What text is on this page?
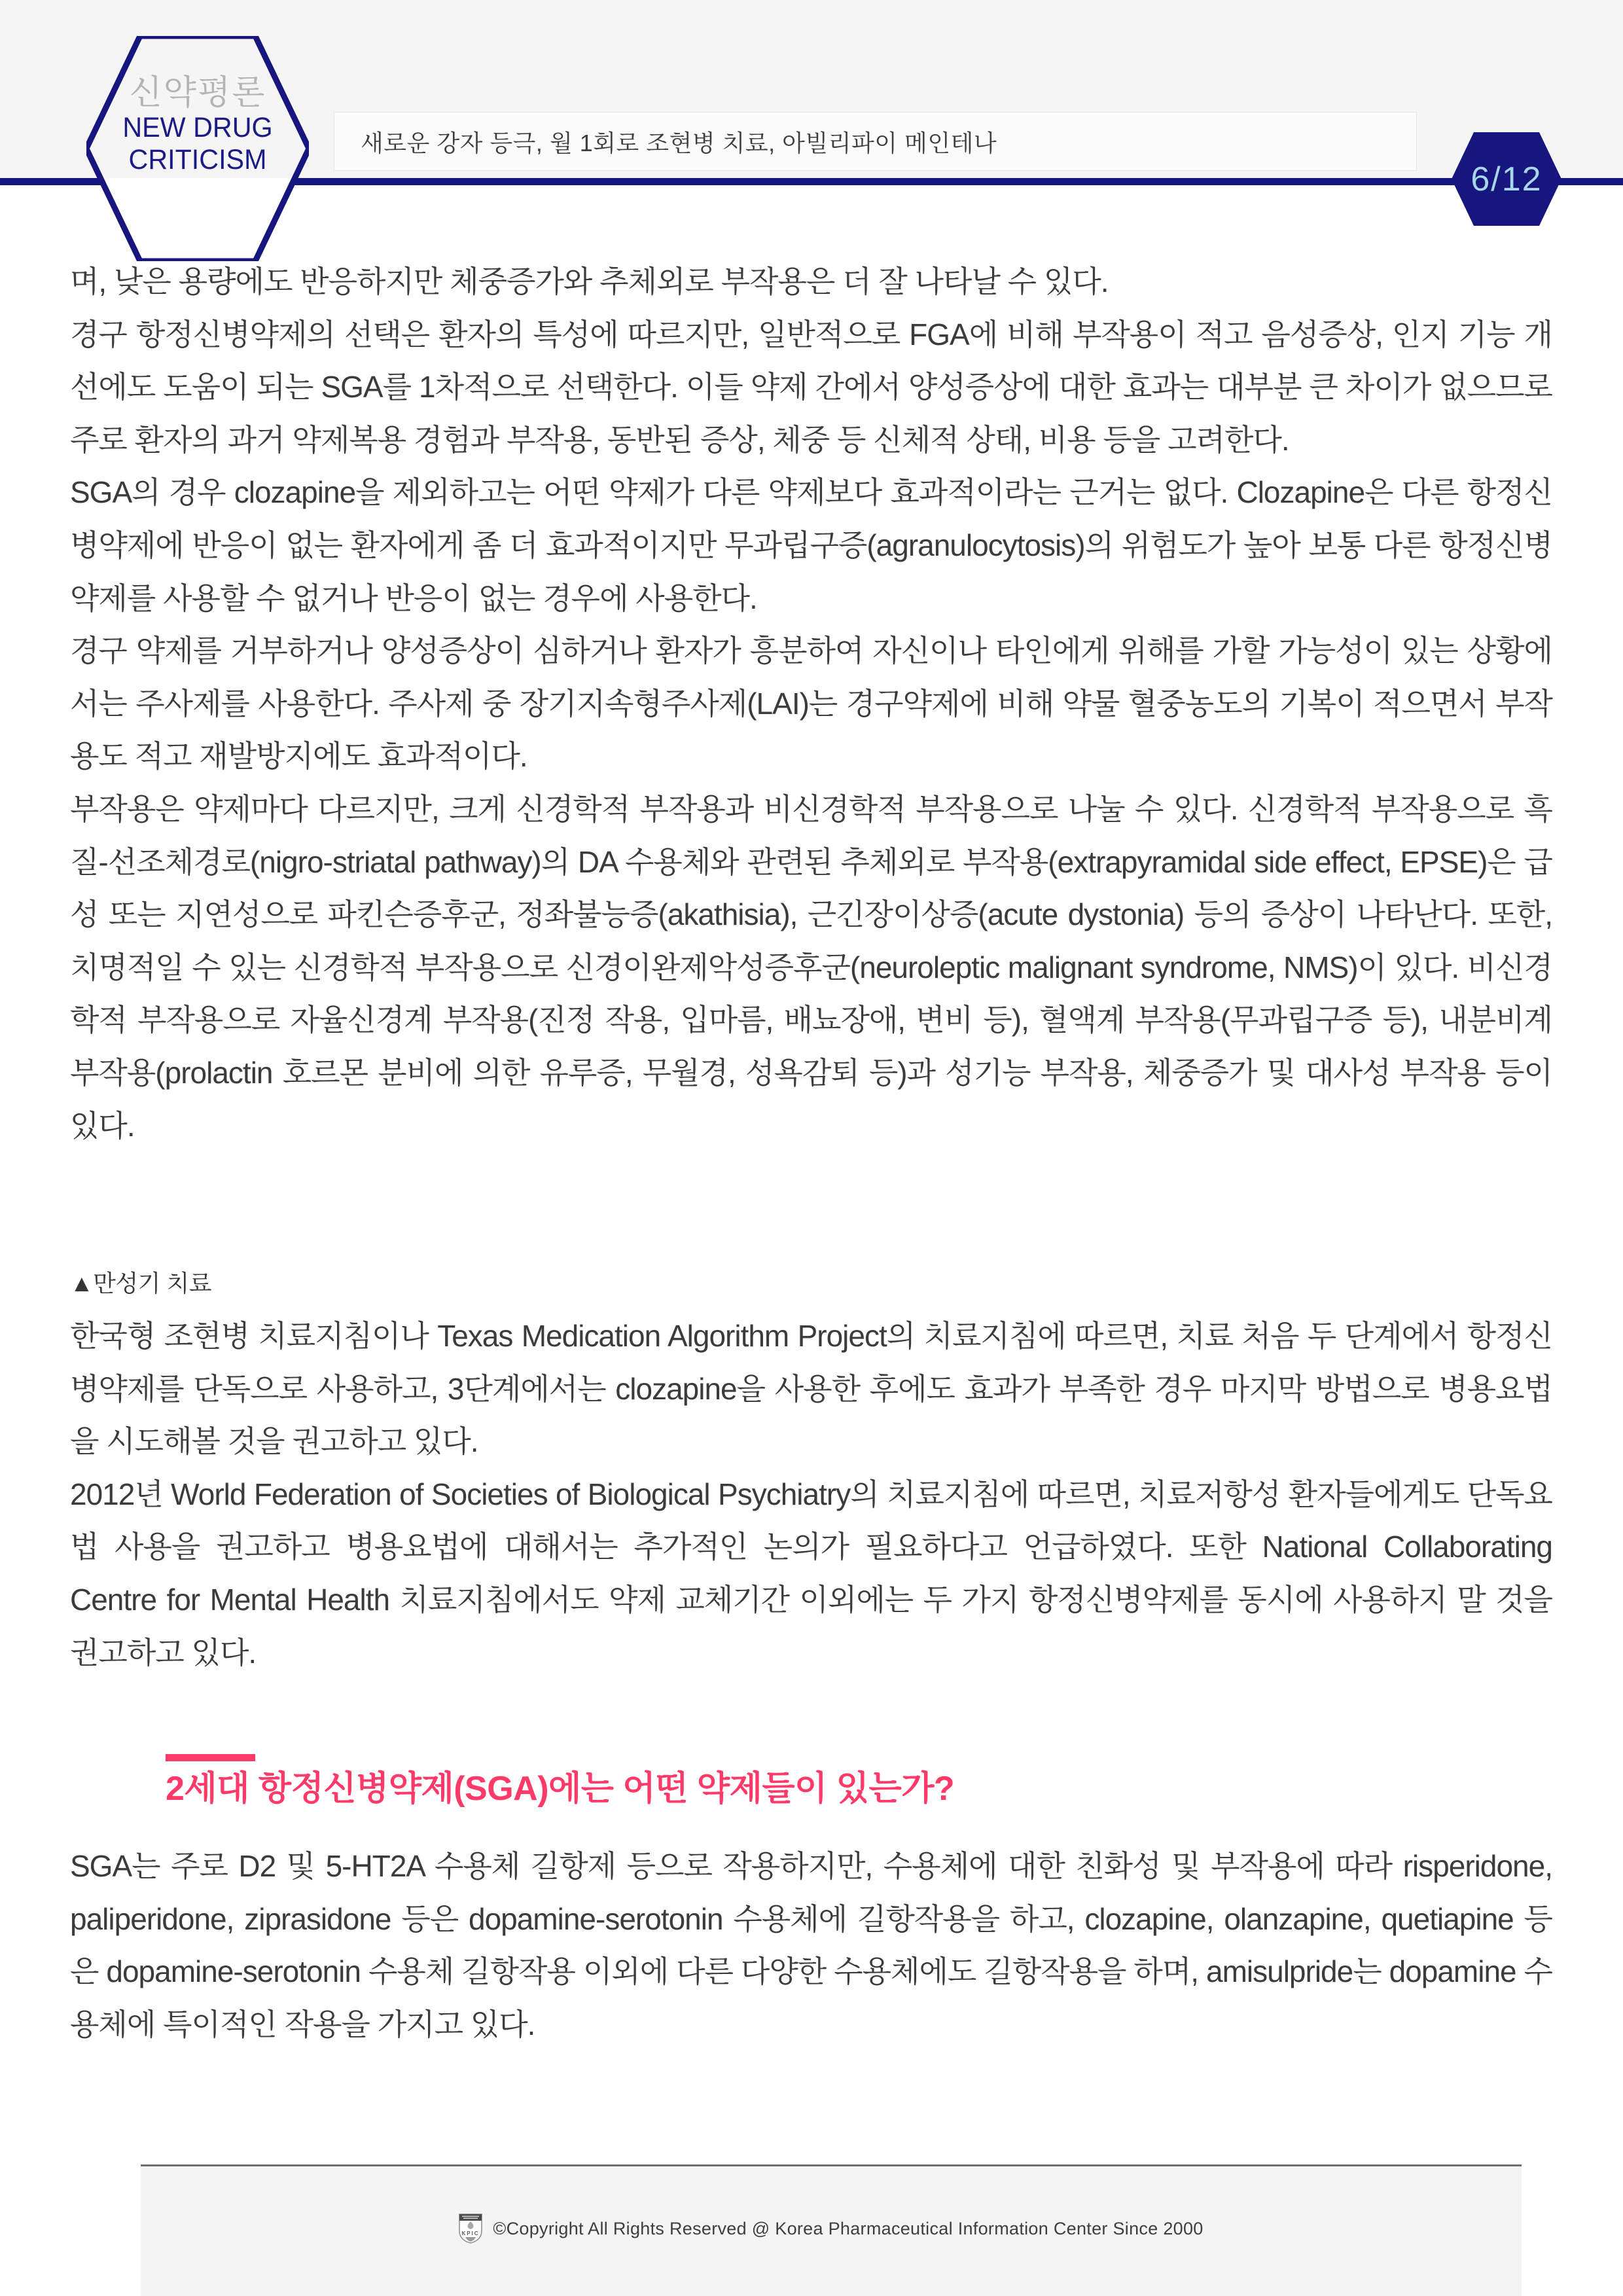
신약평론
NEW DRUG
CRITICISM
새로운 강자 등극, 월 1회로 조현병 치료, 아빌리파이 메인테나
6/12

며, 낮은 용량에도 반응하지만 체중증가와 추체외로 부작용은 더 잘 나타날 수 있다.

경구 항정신병약제의 선택은 환자의 특성에 따르지만, 일반적으로 FGA에 비해 부작용이 적고 음성증상, 인지 기능 개선에도 도움이 되는 SGA를 1차적으로 선택한다. 이들 약제 간에서 양성증상에 대한 효과는 대부분 큰 차이가 없으므로 주로 환자의 과거 약제복용 경험과 부작용, 동반된 증상, 체중 등 신체적 상태, 비용 등을 고려한다.

SGA의 경우 clozapine을 제외하고는 어떤 약제가 다른 약제보다 효과적이라는 근거는 없다. Clozapine은 다른 항정신병약제에 반응이 없는 환자에게 좀 더 효과적이지만 무과립구증(agranulocytosis)의 위험도가 높아 보통 다른 항정신병약제를 사용할 수 없거나 반응이 없는 경우에 사용한다.

경구 약제를 거부하거나 양성증상이 심하거나 환자가 흥분하여 자신이나 타인에게 위해를 가할 가능성이 있는 상황에서는 주사제를 사용한다. 주사제 중 장기지속형주사제(LAI)는 경구약제에 비해 약물 혈중농도의 기복이 적으면서 부작용도 적고 재발방지에도 효과적이다.

부작용은 약제마다 다르지만, 크게 신경학적 부작용과 비신경학적 부작용으로 나눌 수 있다. 신경학적 부작용으로 흑질-선조체경로(nigro-striatal pathway)의 DA 수용체와 관련된 추체외로 부작용(extrapyramidal side effect, EPSE)은 급성 또는 지연성으로 파킨슨증후군, 정좌불능증(akathisia), 근긴장이상증(acute dystonia) 등의 증상이 나타난다. 또한, 치명적일 수 있는 신경학적 부작용으로 신경이완제악성증후군(neuroleptic malignant syndrome, NMS)이 있다. 비신경학적 부작용으로 자율신경계 부작용(진정 작용, 입마름, 배뇨장애, 변비 등), 혈액계 부작용(무과립구증 등), 내분비계 부작용(prolactin 호르몬 분비에 의한 유루증, 무월경, 성욕감퇴 등)과 성기능 부작용, 체중증가 및 대사성 부작용 등이 있다.

▲만성기 치료

한국형 조현병 치료지침이나 Texas Medication Algorithm Project의 치료지침에 따르면, 치료 처음 두 단계에서 항정신병약제를 단독으로 사용하고, 3단계에서는 clozapine을 사용한 후에도 효과가 부족한 경우 마지막 방법으로 병용요법을 시도해볼 것을 권고하고 있다.

2012년 World Federation of Societies of Biological Psychiatry의 치료지침에 따르면, 치료저항성 환자들에게도 단독요법 사용을 권고하고 병용요법에 대해서는 추가적인 논의가 필요하다고 언급하였다. 또한 National Collaborating Centre for Mental Health 치료지침에서도 약제 교체기간 이외에는 두 가지 항정신병약제를 동시에 사용하지 말 것을 권고하고 있다.

2세대 항정신병약제(SGA)에는 어떤 약제들이 있는가?

SGA는 주로 D2 및 5-HT2A 수용체 길항제 등으로 작용하지만, 수용체에 대한 친화성 및 부작용에 따라 risperidone, paliperidone, ziprasidone 등은 dopamine-serotonin 수용체에 길항작용을 하고, clozapine, olanzapine, quetiapine 등은 dopamine-serotonin 수용체 길항작용 이외에 다른 다양한 수용체에도 길항작용을 하며, amisulpride는 dopamine 수용체에 특이적인 작용을 가지고 있다.

KPIC ©Copyright All Rights Reserved @ Korea Pharmaceutical Information Center Since 2000
